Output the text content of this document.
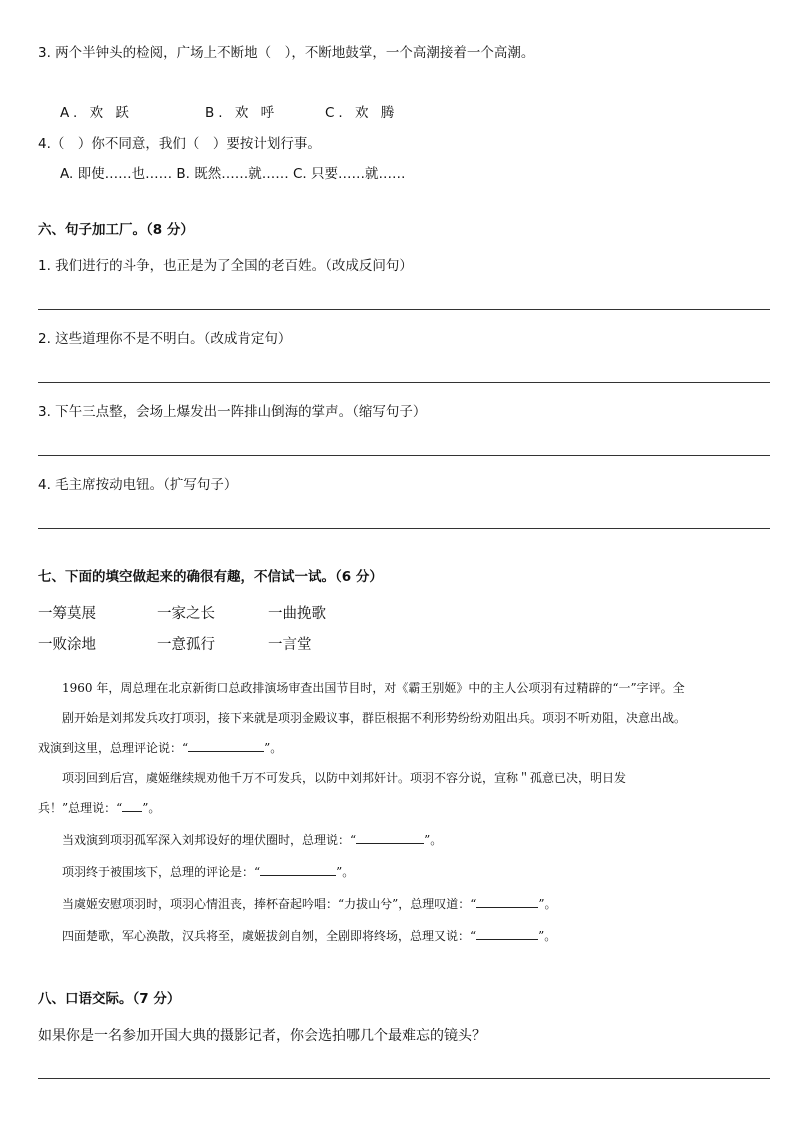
3. 两个半钟头的检阅，广场上不断地（　），不断地鼓掌，一个高潮接着一个高潮。
A. 欢 跃	B. 欢 呼	C. 欢 腾
4.（　）你不同意，我们（　）要按计划行事。
A. 即使……也…… B. 既然……就…… C. 只要……就……
六、句子加工厂。（8 分）
1. 我们进行的斗争，也正是为了全国的老百姓。（改成反问句）
2. 这些道理你不是不明白。（改成肯定句）
3. 下午三点整，会场上爆发出一阵排山倒海的掌声。（缩写句子）
4. 毛主席按动电钮。（扩写句子）
七、下面的填空做起来的确很有趣，不信试一试。（6 分）
一筹莫展	一家之长	一曲挽歌
一败涂地	一意孤行	一言堂
1960 年，周总理在北京新街口总政排演场审查出国节目时，对《霸王别姬》中的主人公项羽有过精辟的“一”字评。全
剧开始是刘邦发兵攻打项羽，接下来就是项羽金殿议事，群臣根据不利形势纷纷劝阻出兵。项羽不听劝阻，决意出战。
戏演到这里，总理评论说：“	”。
项羽回到后宫，虞姬继续规劝他千万不可发兵，以防中刘邦奸计。项羽不容分说，宣称＂孤意已决，明日发
兵！”总理说：“ ”。
当戏演到项羽孤军深入刘邦设好的埋伏圈时，总理说：“	”。
项羽终于被围垓下，总理的评论是：“	”。
当虞姬安慰项羽时，项羽心情沮丧，捧杯奋起吟唱：“力拔山兮”，总理叹道：“	”。
四面楚歌，军心涣散，汉兵将至，虞姬拔剑自刎，全剧即将终场，总理又说：“	”。
八、口语交际。（7 分）
如果你是一名参加开国大典的摄影记者，你会选拍哪几个最难忘的镜头？
